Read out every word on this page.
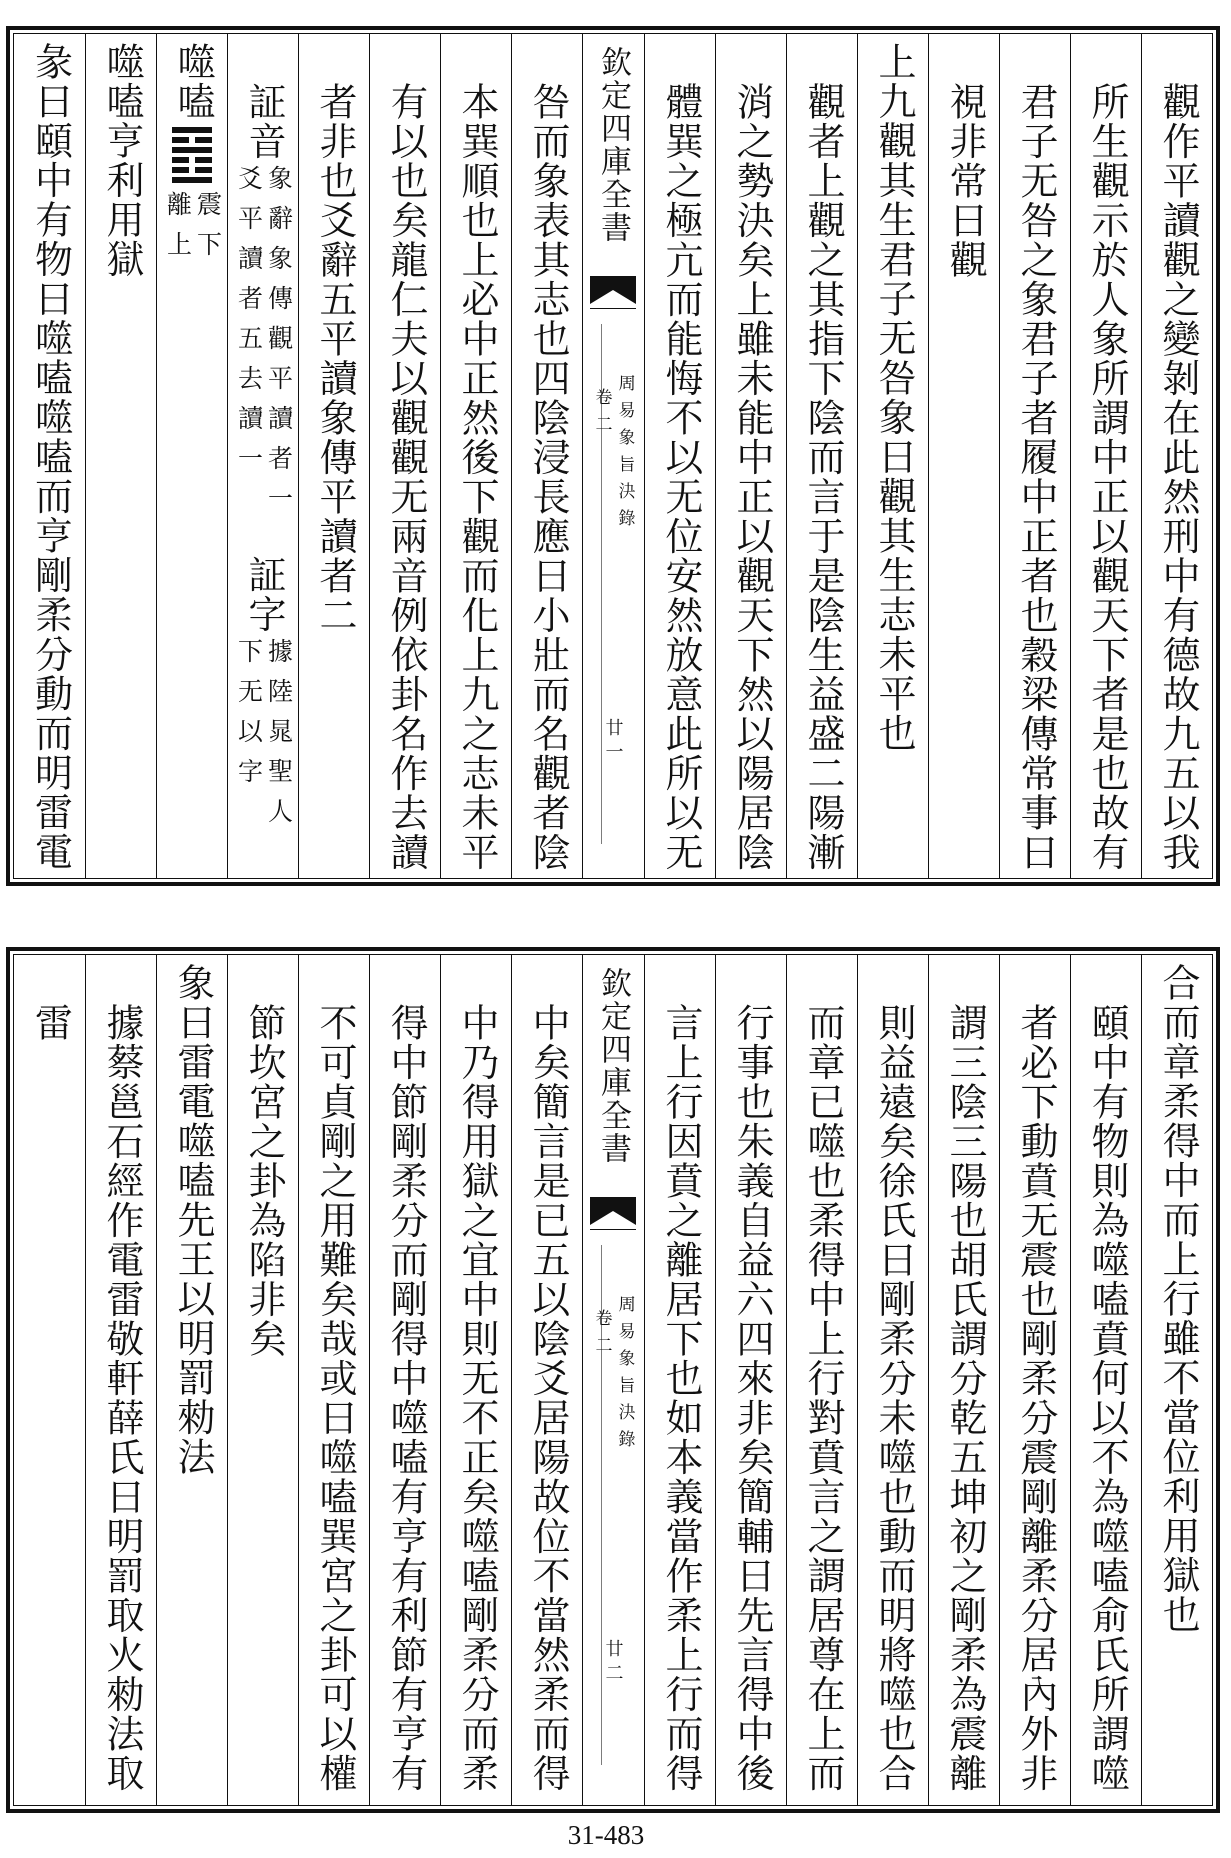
觀作平讀觀之變剝在此然刑中有德故九五以我
所生觀示於人象所謂中正以觀天下者是也故有
君子无咎之象君子者履中正者也穀梁傳常事曰
視非常曰觀
上九觀其生君子无咎象曰觀其生志未平也
觀者上觀之其指下陰而言于是陰生益盛二陽漸
消之勢決矣上雖未能中正以觀天下然以陽居陰
體巽之極亢而能悔不以无位安然放意此所以无
欽定四庫全書
周易象旨決錄
卷二
廿一
咎而象表其志也四陰浸長應曰小壯而名觀者陰
本巽順也上必中正然後下觀而化上九之志未平
有以也矣龍仁夫以觀觀无兩音例依卦名作去讀
者非也爻辭五平讀象傳平讀者二
証音
象辭象傳觀平讀者一
爻平讀者五去讀一
証字
據陸晁聖人
下无以字
噬嗑
震下
離上
噬嗑亨利用獄
彖曰頤中有物曰噬嗑噬嗑而亨剛柔分動而明雷電
合而章柔得中而上行雖不當位利用獄也
頤中有物則為噬嗑賁何以不為噬嗑俞氏所謂噬
者必下動賁无震也剛柔分震剛離柔分居內外非
謂三陰三陽也胡氏謂分乾五坤初之剛柔為震離
則益遠矣徐氏曰剛柔分未噬也動而明將噬也合
而章已噬也柔得中上行對賁言之謂居尊在上而
行事也朱義自益六四來非矣簡輔曰先言得中後
言上行因賁之離居下也如本義當作柔上行而得
欽定四庫全書
周易象旨決錄
卷二
廿二
中矣簡言是已五以陰爻居陽故位不當然柔而得
中乃得用獄之宜中則无不正矣噬嗑剛柔分而柔
得中節剛柔分而剛得中噬嗑有亨有利節有亨有
不可貞剛之用難矣哉或曰噬嗑巽宮之卦可以權
節坎宮之卦為陷非矣
象曰雷電噬嗑先王以明罰勑法
據蔡邕石經作電雷敬軒薛氏曰明罰取火勑法取
雷
31-483
